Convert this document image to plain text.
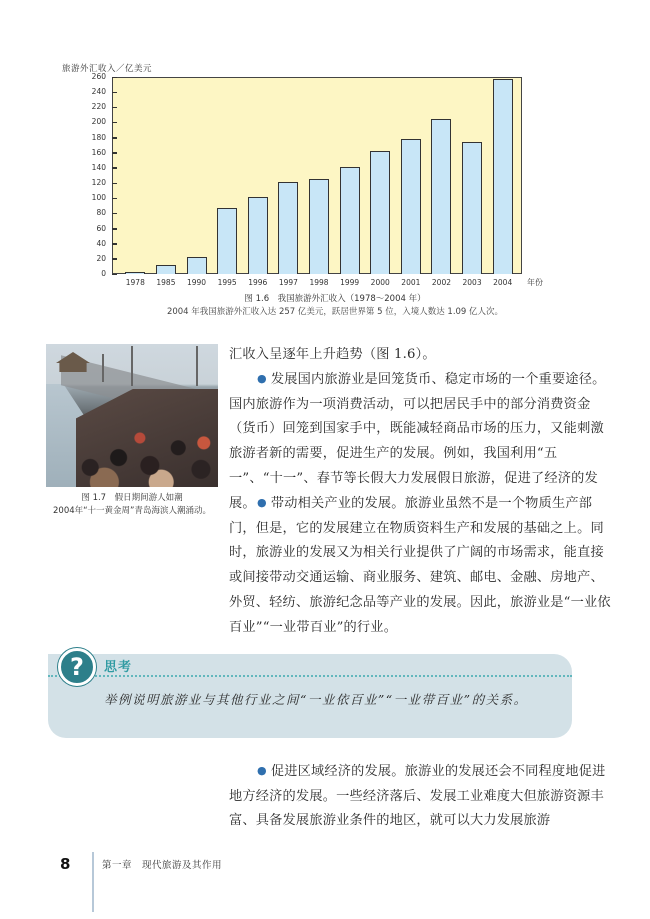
旅游外汇收入／亿美元
0
20
40
60
80
100
120
140
160
180
200
220
240
260
1978	1985	1990	1995	1996	1997	1998	1999	2000	2001	2002	2003	2004	年份
图 1.6　我国旅游外汇收入（1978～2004 年）
2004 年我国旅游外汇收入达 257 亿美元，跃居世界第 5 位，入境人数达 1.09 亿人次。
图 1.7　假日期间游人如潮
2004年“十一黄金周”青岛海滨人潮涌动。
汇收入呈逐年上升趋势（图 1.6）。
● 发展国内旅游业是回笼货币、稳定市场的一个重要途径。国内旅游作为一项消费活动，可以把居民手中的部分消费资金（货币）回笼到国家手中，既能减轻商品市场的压力，又能刺激旅游者新的需要，促进生产的发展。例如，我国利用“五一”、“十一”、春节等长假大力发展假日旅游，促进了经济的发展。 ● 带动相关产业的发展。旅游业虽然不是一个物质生产部门，但是，它的发展建立在物质资料生产和发展的基础之上。同时，旅游业的发展又为相关行业提供了广阔的市场需求，能直接或间接带动交通运输、商业服务、建筑、邮电、金融、房地产、外贸、轻纺、旅游纪念品等产业的发展。因此，旅游业是“一业依百业”“一业带百业”的行业。
?	思考
举例说明旅游业与其他行业之间“一业依百业”“一业带百业”的关系。
● 促进区域经济的发展。旅游业的发展还会不同程度地促进地方经济的发展。一些经济落后、发展工业难度大但旅游资源丰富、具备发展旅游业条件的地区，就可以大力发展旅游
8	第一章　现代旅游及其作用
